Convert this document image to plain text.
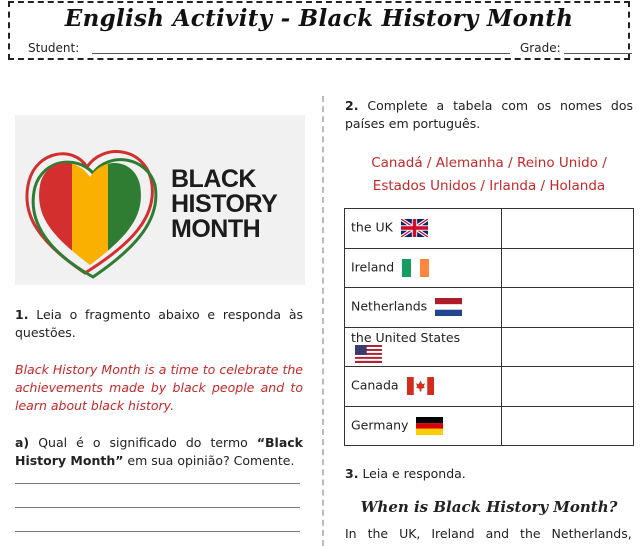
English Activity - Black History Month
Student:	Grade:
BLACK
HISTORY
MONTH
1. Leia o fragmento abaixo e responda às questões.
Black History Month is a time to celebrate the achievements made by black people and to learn about black history.
a) Qual é o significado do termo “Black History Month” em sua opinião? Comente.
2. Complete a tabela com os nomes dos países em português.
Canadá / Alemanha / Reino Unido /
Estados Unidos / Irlanda / Holanda
the UK	
Ireland	
Netherlands	
the United States	
Canada	
Germany	
3. Leia e responda.
When is Black History Month?
In the UK, Ireland and the Netherlands,
